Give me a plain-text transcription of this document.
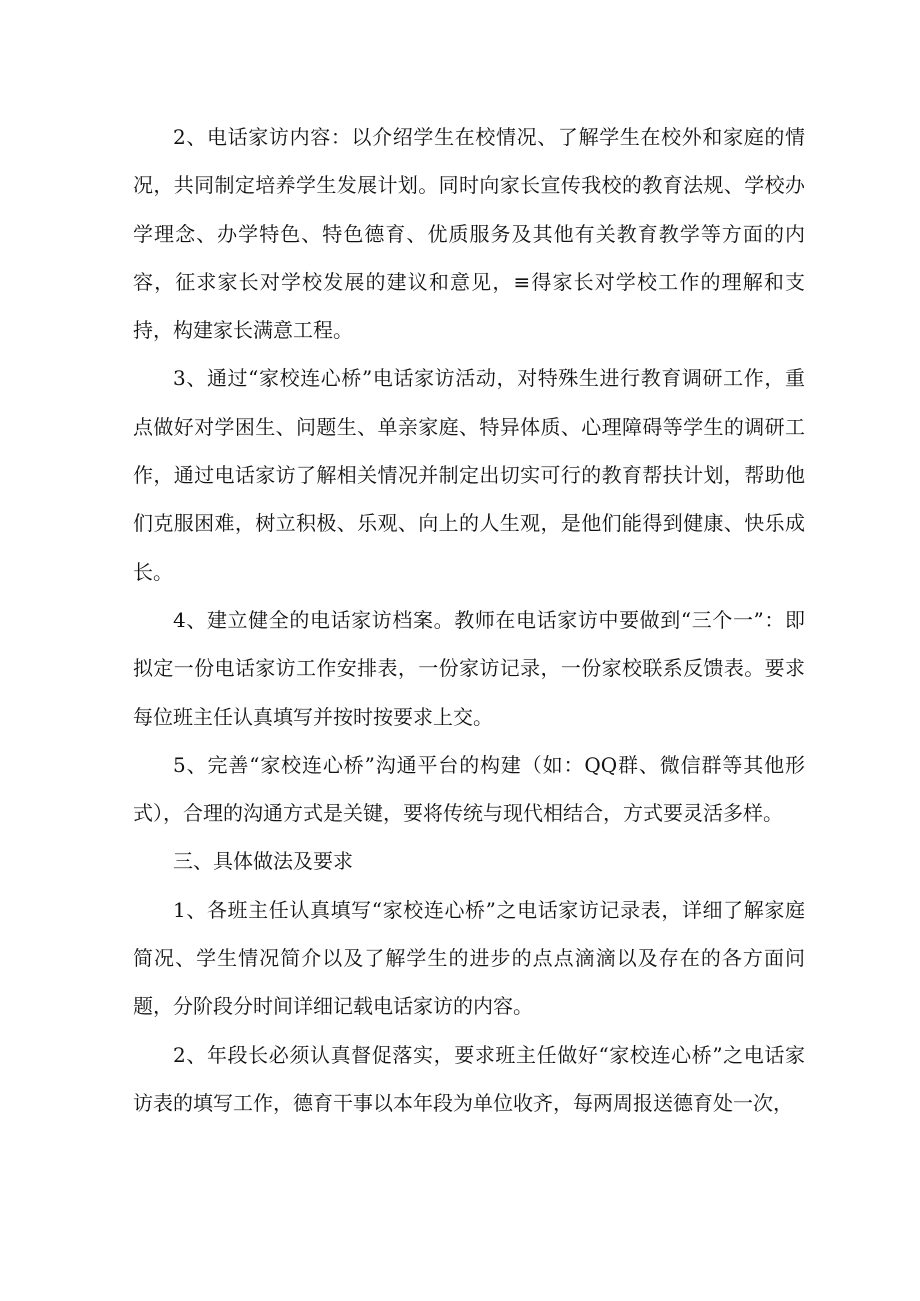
2、电话家访内容：以介绍学生在校情况、了解学生在校外和家庭的情况，共同制定培养学生发展计划。同时向家长宣传我校的教育法规、学校办学理念、办学特色、特色德育、优质服务及其他有关教育教学等方面的内容，征求家长对学校发展的建议和意见，≡得家长对学校工作的理解和支持，构建家长满意工程。

3、通过“家校连心桥”电话家访活动，对特殊生进行教育调研工作，重点做好对学困生、问题生、单亲家庭、特异体质、心理障碍等学生的调研工作，通过电话家访了解相关情况并制定出切实可行的教育帮扶计划，帮助他们克服困难，树立积极、乐观、向上的人生观，是他们能得到健康、快乐成长。

4、建立健全的电话家访档案。教师在电话家访中要做到“三个一”：即拟定一份电话家访工作安排表，一份家访记录，一份家校联系反馈表。要求每位班主任认真填写并按时按要求上交。

5、完善“家校连心桥”沟通平台的构建（如：QQ群、微信群等其他形式），合理的沟通方式是关键，要将传统与现代相结合，方式要灵活多样。

三、具体做法及要求

1、各班主任认真填写“家校连心桥”之电话家访记录表，详细了解家庭简况、学生情况简介以及了解学生的进步的点点滴滴以及存在的各方面问题，分阶段分时间详细记载电话家访的内容。

2、年段长必须认真督促落实，要求班主任做好“家校连心桥”之电话家访表的填写工作，德育干事以本年段为单位收齐，每两周报送德育处一次，
